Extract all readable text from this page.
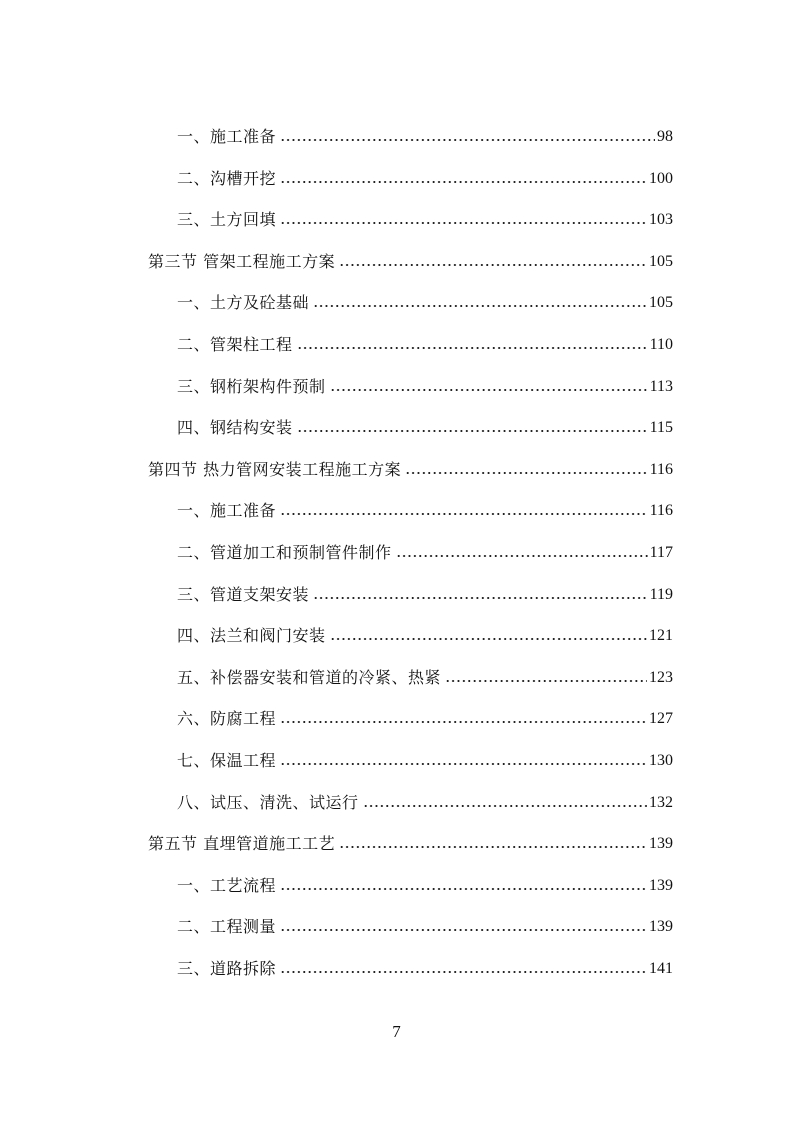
一、施工准备	98
二、沟槽开挖	100
三、土方回填	103
第三节 管架工程施工方案	105
一、土方及砼基础	105
二、管架柱工程	110
三、钢桁架构件预制	113
四、钢结构安装	115
第四节 热力管网安装工程施工方案	116
一、施工准备	116
二、管道加工和预制管件制作	117
三、管道支架安装	119
四、法兰和阀门安装	121
五、补偿器安装和管道的冷紧、热紧	123
六、防腐工程	127
七、保温工程	130
八、试压、清洗、试运行	132
第五节 直埋管道施工工艺	139
一、工艺流程	139
二、工程测量	139
三、道路拆除	141
7
